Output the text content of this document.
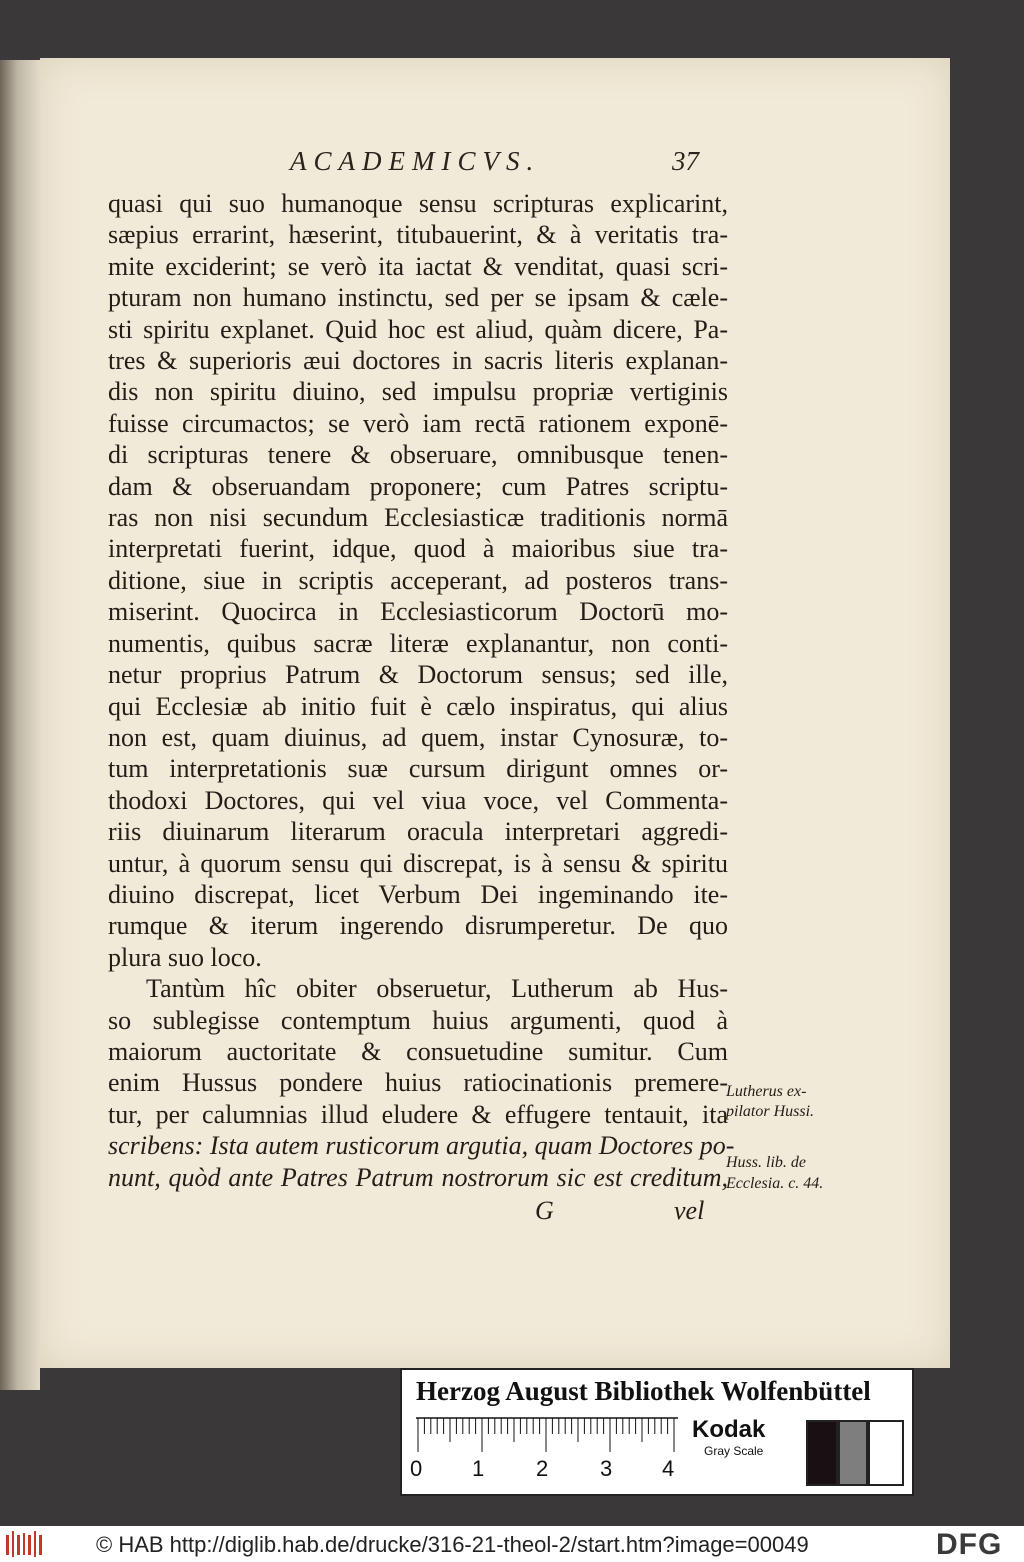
ACADEMICVS.	37
quasi qui suo humanoque sensu scripturas explicarint,
sæpius errarint, hæserint, titubauerint, & à veritatis tra-
mite exciderint; se verò ita iactat & venditat, quasi scri-
pturam non humano instinctu, sed per se ipsam & cæle-
sti spiritu explanet. Quid hoc est aliud, quàm dicere, Pa-
tres & superioris æui doctores in sacris literis explanan-
dis non spiritu diuino, sed impulsu propriæ vertiginis
fuisse circumactos; se verò iam rectā rationem exponē-
di scripturas tenere & obseruare, omnibusque tenen-
dam & obseruandam proponere; cum Patres scriptu-
ras non nisi secundum Ecclesiasticæ traditionis normā
interpretati fuerint, idque, quod à maioribus siue tra-
ditione, siue in scriptis acceperant, ad posteros trans-
miserint. Quocirca in Ecclesiasticorum Doctorū mo-
numentis, quibus sacræ literæ explanantur, non conti-
netur proprius Patrum & Doctorum sensus; sed ille,
qui Ecclesiæ ab initio fuit è cælo inspiratus, qui alius
non est, quam diuinus, ad quem, instar Cynosuræ, to-
tum interpretationis suæ cursum dirigunt omnes or-
thodoxi Doctores, qui vel viua voce, vel Commenta-
riis diuinarum literarum oracula interpretari aggredi-
untur, à quorum sensu qui discrepat, is à sensu & spiritu
diuino discrepat, licet Verbum Dei ingeminando ite-
rumque & iterum ingerendo disrumperetur. De quo
plura suo loco.
Tantùm hîc obiter obseruetur, Lutherum ab Hus-
so sublegisse contemptum huius argumenti, quod à
maiorum auctoritate & consuetudine sumitur. Cum
enim Hussus pondere huius ratiocinationis premere-
tur, per calumnias illud eludere & effugere tentauit, ita
scribens: Ista autem rusticorum argutia, quam Doctores po-
nunt, quòd ante Patres Patrum nostrorum sic est creditum,
Lutherus ex-
pilator Hussi.
Huss. lib. de
Ecclesia. c. 44.
G	vel
Herzog August Bibliothek Wolfenbüttel
0 1 2 3 4
Kodak
Gray Scale
© HAB http://diglib.hab.de/drucke/316-21-theol-2/start.htm?image=00049	DFG
